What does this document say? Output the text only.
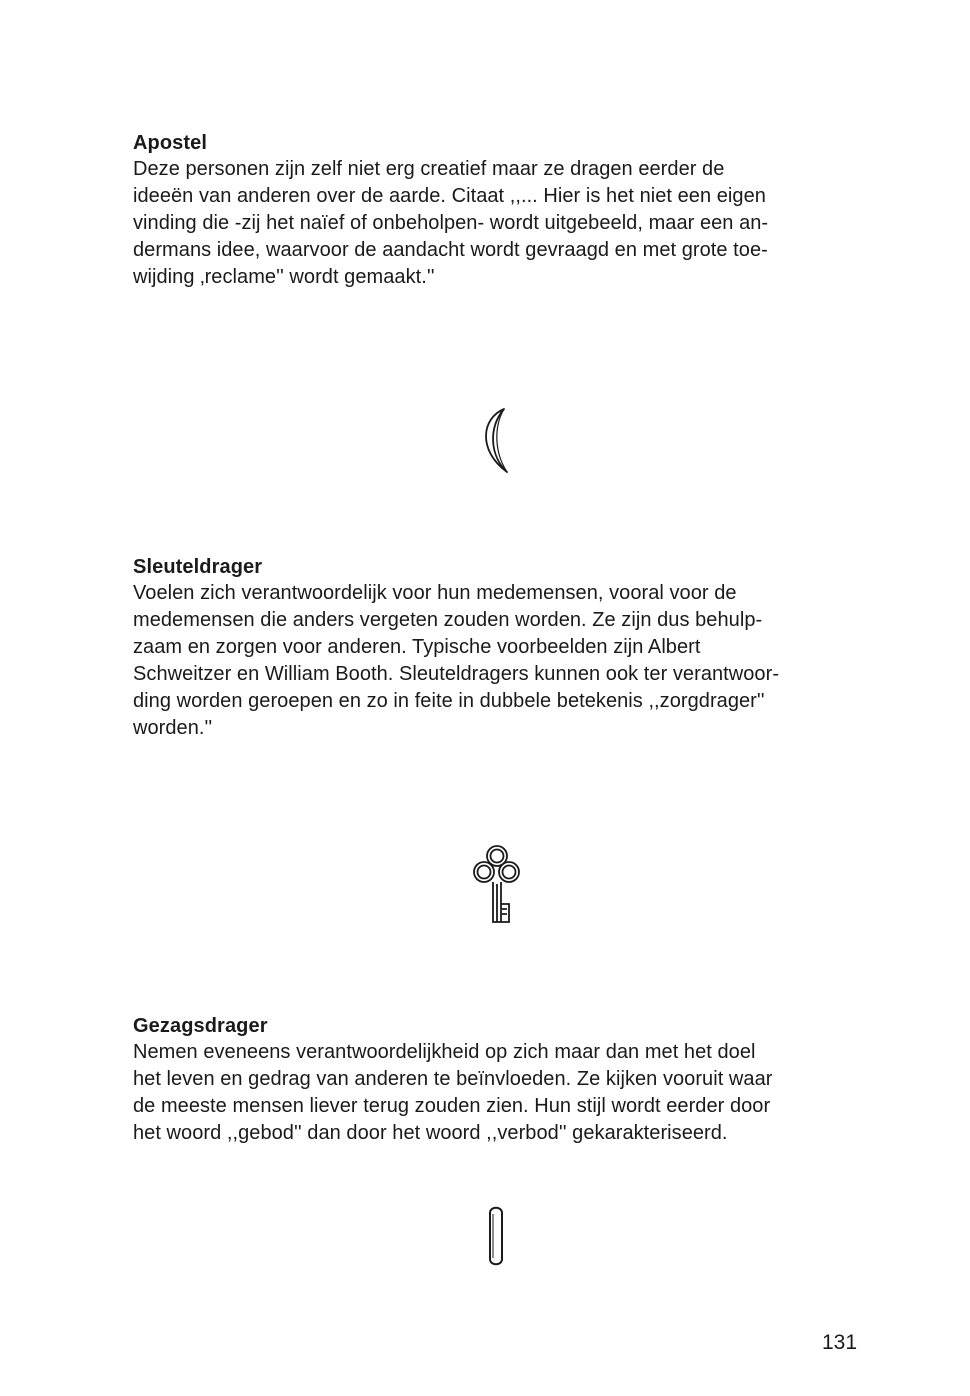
Apostel

Deze personen zijn zelf niet erg creatief maar ze dragen eerder de
ideeën van anderen over de aarde. Citaat ,,... Hier is het niet een eigen
vinding die -zij het naïef of onbeholpen- wordt uitgebeeld, maar een an-
dermans idee, waarvoor de aandacht wordt gevraagd en met grote toe-
wijding ‚reclame'' wordt gemaakt.''

Sleuteldrager

Voelen zich verantwoordelijk voor hun medemensen, vooral voor de
medemensen die anders vergeten zouden worden. Ze zijn dus behulp-
zaam en zorgen voor anderen. Typische voorbeelden zijn Albert
Schweitzer en William Booth. Sleuteldragers kunnen ook ter verantwoor-
ding worden geroepen en zo in feite in dubbele betekenis ,,zorgdrager''
worden.''

Gezagsdrager

Nemen eveneens verantwoordelijkheid op zich maar dan met het doel
het leven en gedrag van anderen te beïnvloeden. Ze kijken vooruit waar
de meeste mensen liever terug zouden zien. Hun stijl wordt eerder door
het woord ,,gebod'' dan door het woord ,,verbod'' gekarakteriseerd.

131
